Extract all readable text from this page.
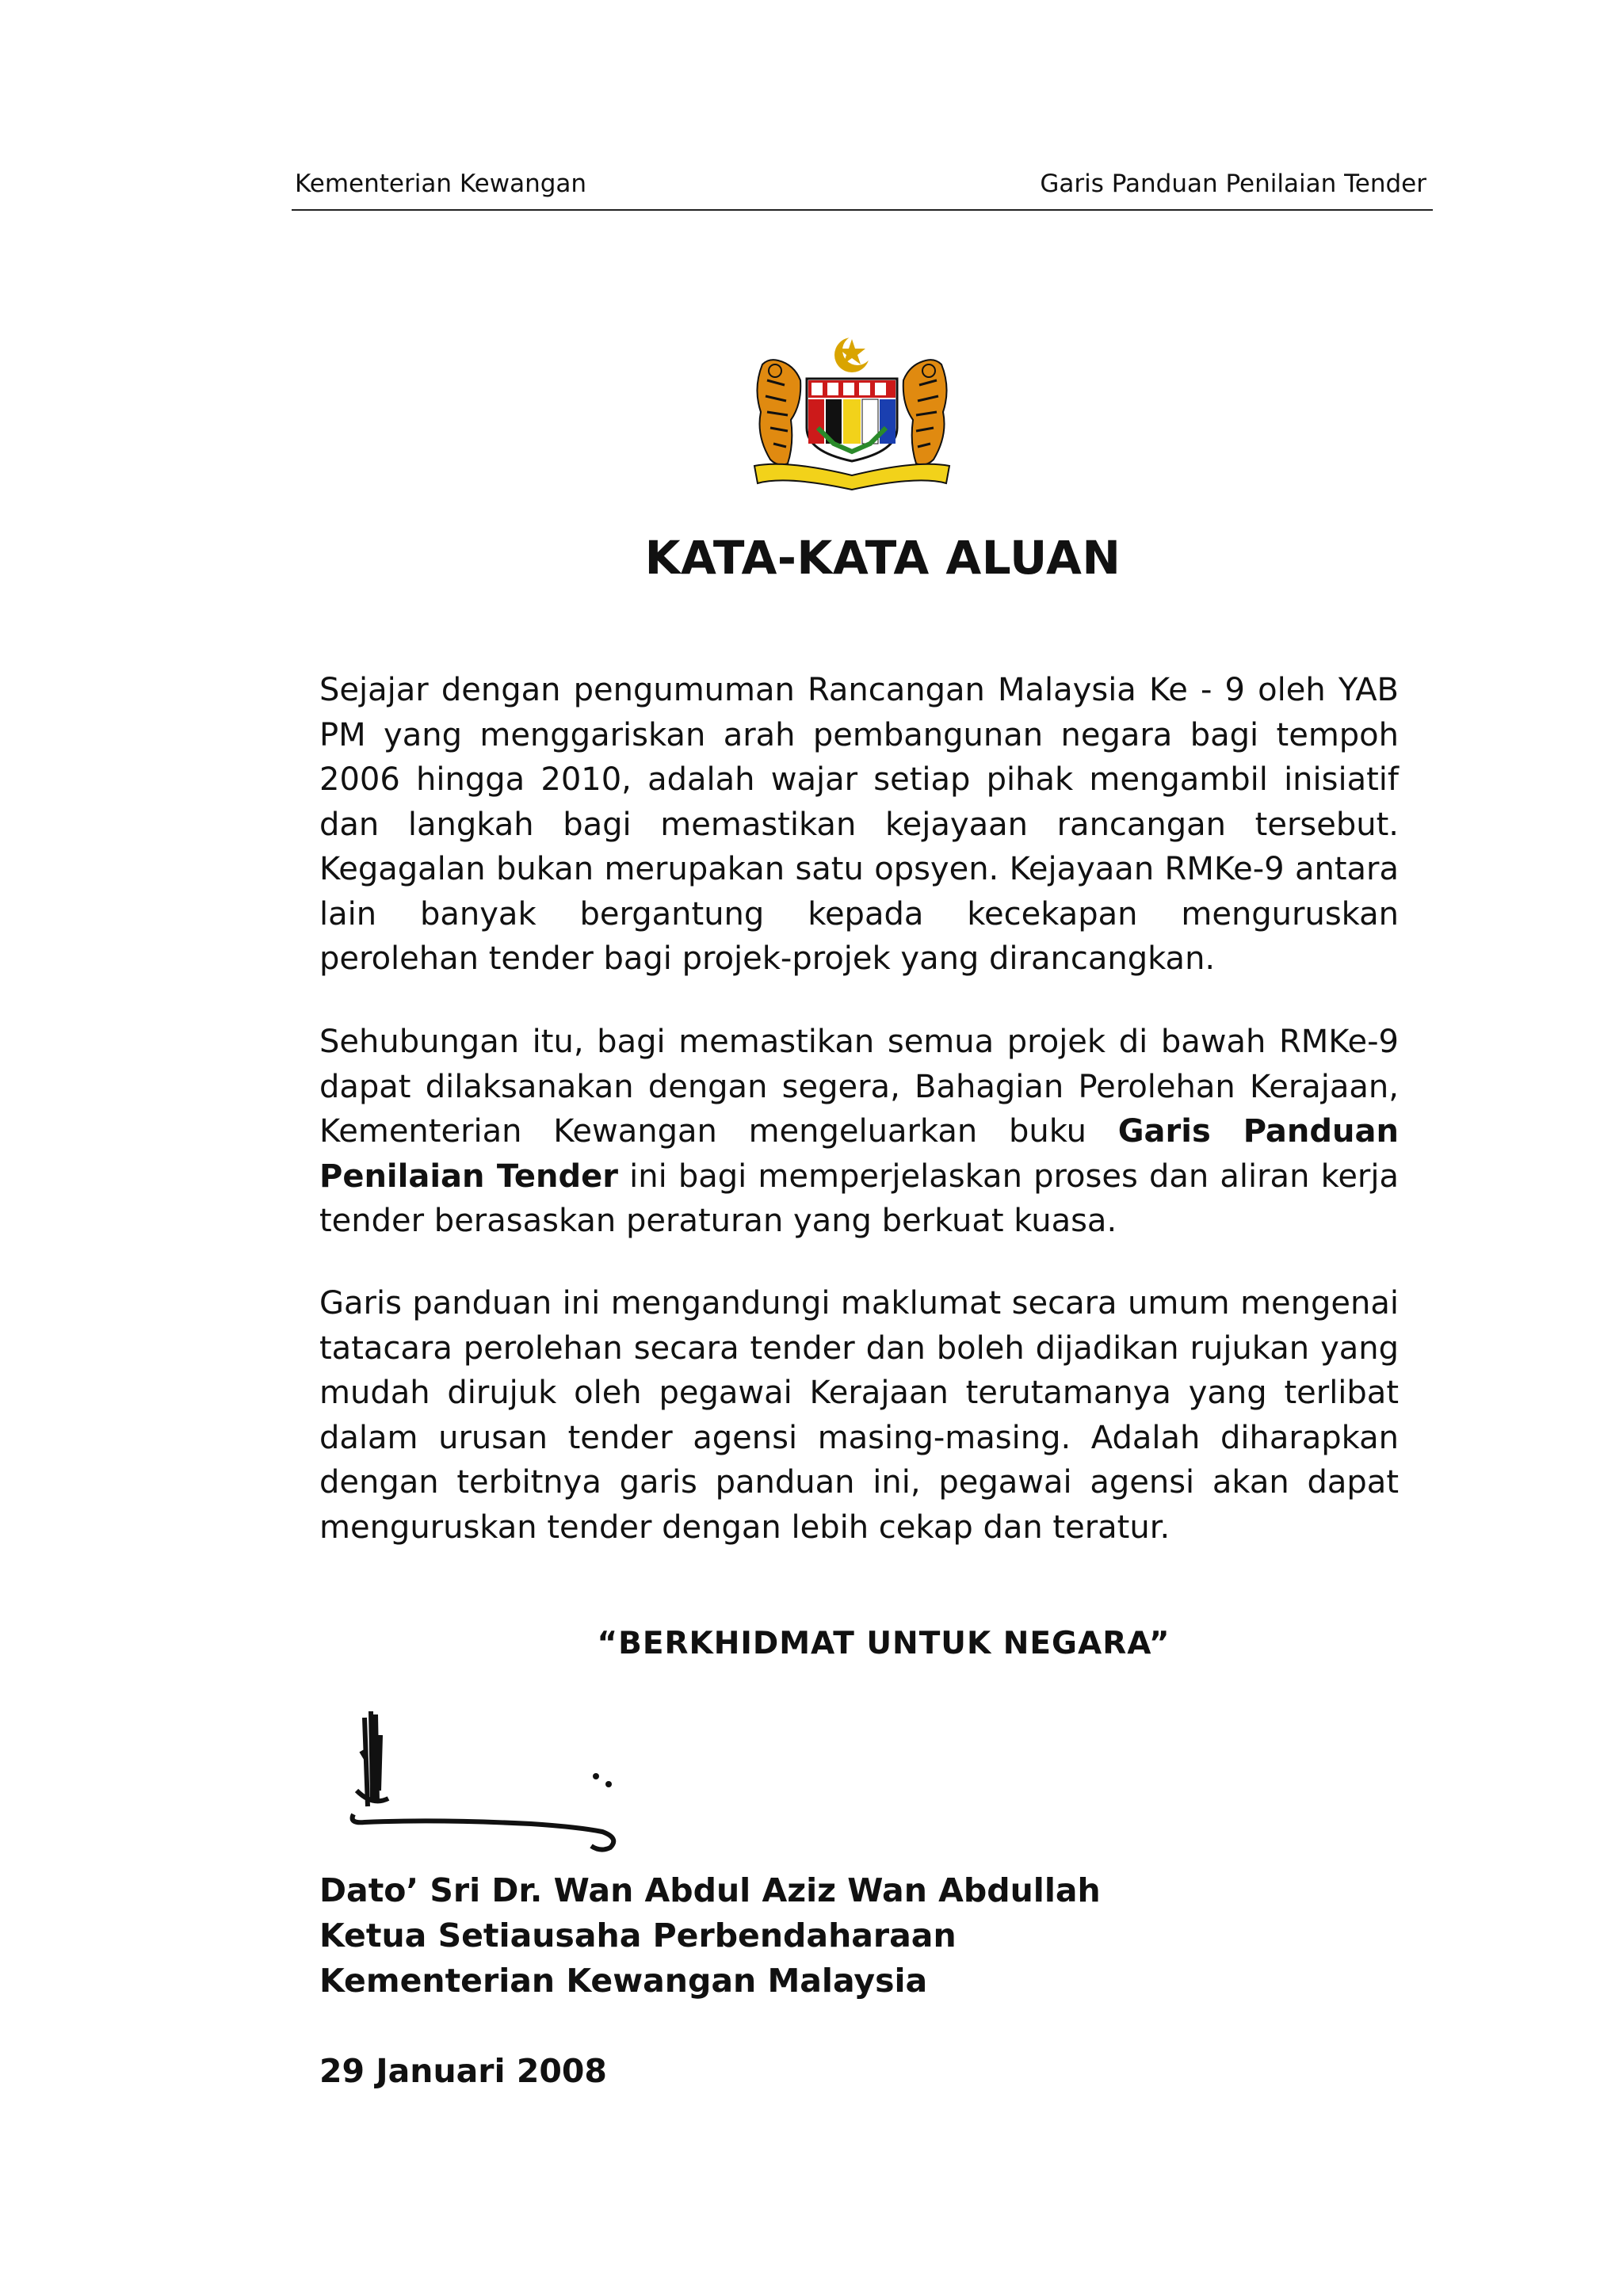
Kementerian Kewangan	Garis Panduan Penilaian Tender
KATA-KATA ALUAN

Sejajar dengan pengumuman Rancangan Malaysia Ke - 9 oleh YAB PM yang menggariskan arah pembangunan negara bagi tempoh 2006 hingga 2010, adalah wajar setiap pihak mengambil inisiatif dan langkah bagi memastikan kejayaan rancangan tersebut. Kegagalan bukan merupakan satu opsyen. Kejayaan RMKe-9 antara lain banyak bergantung kepada kecekapan menguruskan perolehan tender bagi projek-projek yang dirancangkan.

Sehubungan itu, bagi memastikan semua projek di bawah RMKe-9 dapat dilaksanakan dengan segera, Bahagian Perolehan Kerajaan, Kementerian Kewangan mengeluarkan buku Garis Panduan Penilaian Tender ini bagi memperjelaskan proses dan aliran kerja tender berasaskan peraturan yang berkuat kuasa.

Garis panduan ini mengandungi maklumat secara umum mengenai tatacara perolehan secara tender dan boleh dijadikan rujukan yang mudah dirujuk oleh pegawai Kerajaan terutamanya yang terlibat dalam urusan tender agensi masing-masing. Adalah diharapkan dengan terbitnya garis panduan ini, pegawai agensi akan dapat menguruskan tender dengan lebih cekap dan teratur.

“BERKHIDMAT UNTUK NEGARA”
Dato’ Sri Dr. Wan Abdul Aziz Wan Abdullah
Ketua Setiausaha Perbendaharaan
Kementerian Kewangan Malaysia
29 Januari 2008
